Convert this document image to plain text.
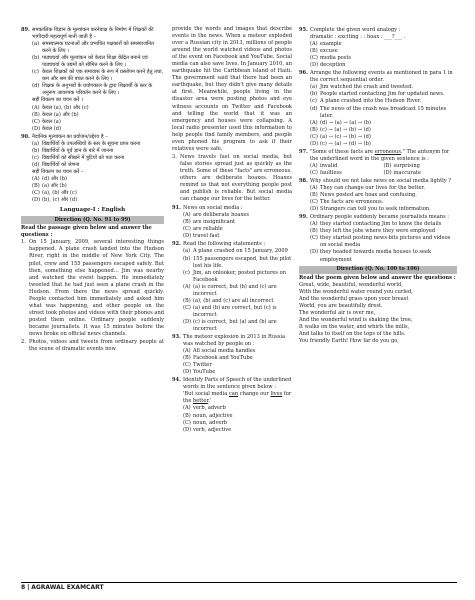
89. समकालिक विज्ञान के मूल्यांकन करनेवाक्ष के निर्माण में शिक्षकों की भागीदारी महत्वपूर्ण मानी जाती है –
(a) समस्यात्मक घटनाओं और प्रभावित पक्षकारों को समस्याजनित करने के लिए ।
(b) पाठ्यचर्या और मूल्यांकन को केवल शिक्षा केंद्रित बनाने एवं पाठ्यचर्या के उद्यमों को सीमित करने के लिए ।
(c) केवल शिक्षकों को एक समावास के रूप में प्रस्तोपन करने हेतु तथा, कम और श्रम की बचत करने के लिए ।
(d) शिक्षक के अनुभवों के प्रयोगकाल के द्वारा शिक्षार्थी के स्तर के अनुरूप आवश्यक परिवर्तन करने के लिए ।
सही विकल्प का चयन करें ।
(A) केवल (a), (b) और (c)
(B) केवल (a) और (b)
(C) केवल (a)
(D) केवल (d)
90. नैदानिक मूल्यांकन का प्रयोजन/उद्देश्य है –
(a) विद्यार्थियों के उपलब्धियों के स्तर के सूचना प्राप्त करना
(b) विद्यार्थियों के पूर्व ज्ञान के बारे में जानना
(c) विद्यार्थियों को सीखने में त्रुटियों को पता करना
(d) विद्यार्थियों को श्रेणना
सही विकल्प का चयन करें –
(A) (d) और (b)
(B) (a) और (b)
(C) (a), (b) और (c)
(D) (b), (c) और (d)
Language-I : English
Direction (Q. No. 91 to 99)
Read the passage given below and answer the questions :
1. On 15 January, 2009, several interesting things happened. A plane crash landed into the Hudson River, right in the middle of New York City. The pilot, crew and 155 passengers escaped safely. But then, something else happened… Jim was nearby and watched the event happen. He immediately tweeted that he had just seen a plane crash in the Hudson. From there the news spread quickly. People contacted him immediately and asked him what was happening, and other people on the street took photos and videos with their phones and posted them online. Ordinary people suddenly became journalists. It was 15 minutes before the news broke on official news channels.
2. Photos, videos and tweets from ordinary people at the scene of dramatic events now
provide the words and images that describe events in the news. When a meteor exploded over a Russian city in 2013, millions of people around the world watched videos and photos of the event on Facebook and YouTube. Social media can also save lives. In January 2010, an earthquake hit the Caribbean island of Haiti. The government said that there had been an earthquake, but they didn't give many details at first. Meanwhile, people living in the disaster area were posting photos and eye witness accounts on Twitter and Facebook and telling the world that it was an emergency and houses were collapsing. A local radio presenter used this information to help people find family members, and people even phoned his program to ask if their relatives were safe.
3. News travels fast on social media, but false stories spread just as quickly as the truth. Some of these "facts" are erroneous, others are deliberate hoaxes. Hoaxes remind us that not everything people post and publish is reliable. But social media can change our lives for the better.
91. News on social media :
(A) are deliberate hoaxes
(B) are insignificant
(C) are reliable
(D) travel fast
92. Read the following statements :
(a) A plane crashed on 15 January, 2009
(b) 155 passengers escaped, but the pilot lost his life.
(c) Jim, an onlooker, posted pictures on Facebook
(A) (a) is correct, but (b) and (c) are incorrect
(B) (a), (b) and (c) are all incorrect
(C) (a) and (b) are correct, but (c) is incorrect
(D) (c) is correct, but (a) and (b) are incorrect
93. The meteor explosion in 2013 in Russia was watched by people on :
(A) All social media handles
(B) Facebook and YouTube
(C) Twitter
(D) YouTube
94. Identify Parts of Speech of the underlined words in the sentence given below :
'But social media can change our lives for the better.'
(A) verb, adverb
(B) noun, adjective
(C) noun, adverb
(D) verb, adjective
95. Complete the given word analogy :
dramatic : exciting : : hoax : ___?___ .
(A) example
(B) excuse
(C) media posts
(D) deception
96. Arrange the following events as mentioned in para 1 in the correct sequential order.
(a) Jim watched the crash and tweeted.
(b) People started contacting Jim for updated news.
(c) A plane crashed into the Hudson River.
(d) The news of the crash was broadcast 15 minutes later.
(A) (d) → (a) → (a) → (b)
(B) (c) → (a) → (b) → (d)
(C) (a) → (c) → (b) → (d)
(D) (c) → (a) → (d) → (b)
97. "Some of these facts are erroneous." The antonym for the underlined word in the given sentence is :
(A) invalid	(B) surprising
(C) faultless	(D) inaccurate
98. Why should we not take news on social media lightly ?
(A) They can change our lives for the better.
(B) News posted are hoax and confusing.
(C) The facts are erroneous.
(D) Strangers can tell you to seek information.
99. Ordinary people suddenly became journalists means :
(A) they started contacting Jim to know the details
(B) they left the jobs where they were employed
(C) they started posting news-bits pictures and videos on social media
(D) they headed towards media houses to seek employment
Direction (Q. No. 100 to 106)
Read the poem given below and answer the questions :
Great, wide, beautiful, wonderful world,
With the wonderful water round you curled,
And the wonderful grass upon your breast
World, you are beautifully drest.
The wonderful air is over me,
And the wonderful wind is shaking the tree,
It walks on the water, and whirls the mills,
And talks to itself on the tops of the hills.
You friendly Earth! How far do you go,
8 | AGRAWAL EXAMCART
